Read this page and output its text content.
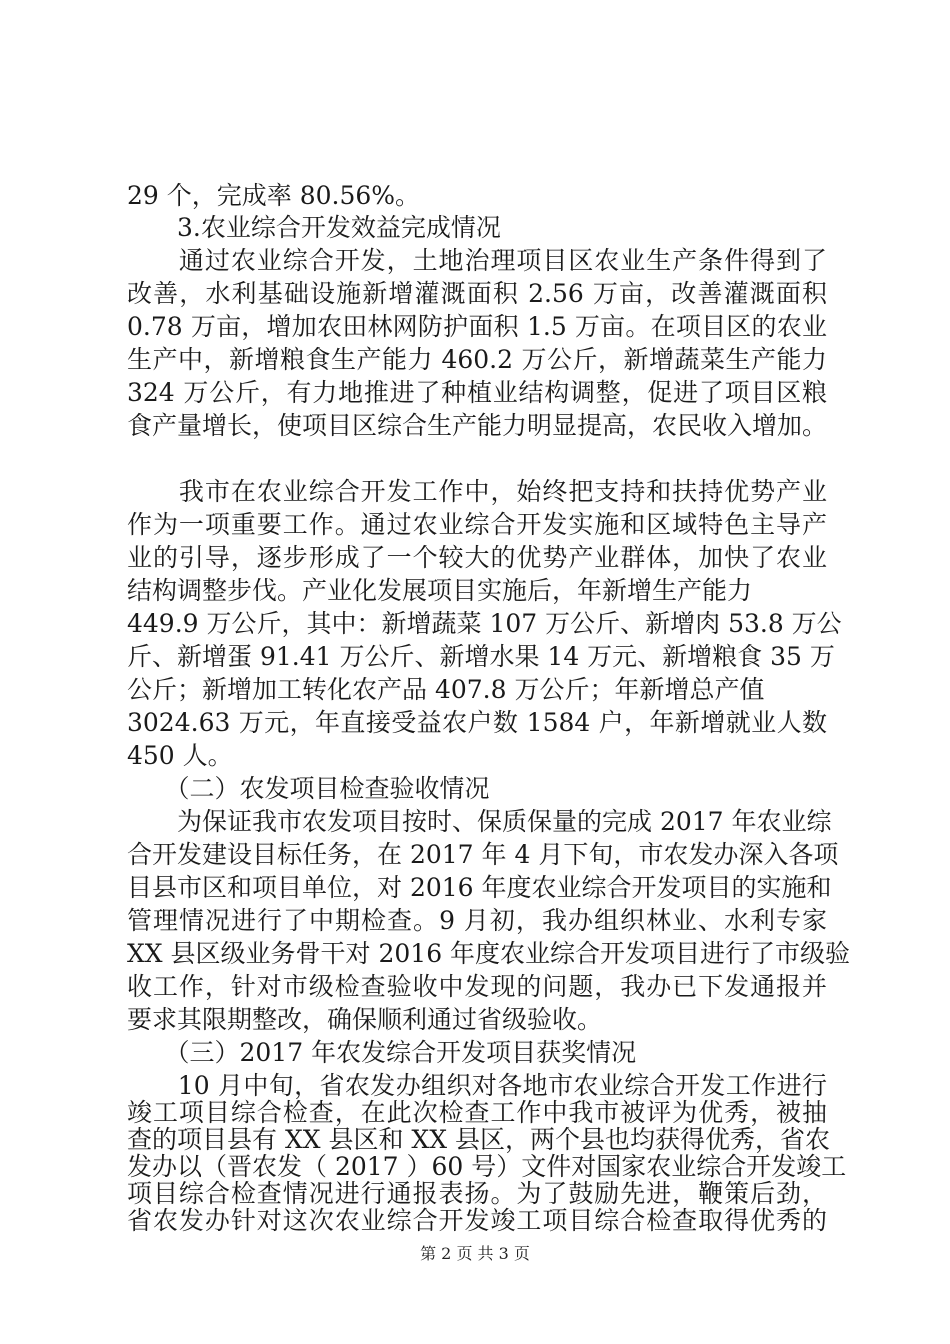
29 个，完成率 80.56%。
　　3.农业综合开发效益完成情况
　　通过农业综合开发，土地治理项目区农业生产条件得到了
改善，水利基础设施新增灌溉面积 2.56 万亩，改善灌溉面积
0.78 万亩，增加农田林网防护面积 1.5 万亩。在项目区的农业
生产中，新增粮食生产能力 460.2 万公斤，新增蔬菜生产能力
324 万公斤，有力地推进了种植业结构调整，促进了项目区粮
食产量增长，使项目区综合生产能力明显提高，农民收入增加。
　　我市在农业综合开发工作中，始终把支持和扶持优势产业
作为一项重要工作。通过农业综合开发实施和区域特色主导产
业的引导，逐步形成了一个较大的优势产业群体，加快了农业
结构调整步伐。产业化发展项目实施后，年新增生产能力
449.9 万公斤，其中：新增蔬菜 107 万公斤、新增肉 53.8 万公
斤、新增蛋 91.41 万公斤、新增水果 14 万元、新增粮食 35 万
公斤；新增加工转化农产品 407.8 万公斤；年新增总产值
3024.63 万元，年直接受益农户数 1584 户，年新增就业人数
450 人。
　　（二）农发项目检查验收情况
　　为保证我市农发项目按时、保质保量的完成 2017 年农业综
合开发建设目标任务，在 2017 年 4 月下旬，市农发办深入各项
目县市区和项目单位，对 2016 年度农业综合开发项目的实施和
管理情况进行了中期检查。9 月初，我办组织林业、水利专家
XX 县区级业务骨干对 2016 年度农业综合开发项目进行了市级验
收工作，针对市级检查验收中发现的问题，我办已下发通报并
要求其限期整改，确保顺利通过省级验收。
　　（三）2017 年农发综合开发项目获奖情况
　　10 月中旬，省农发办组织对各地市农业综合开发工作进行
竣工项目综合检查，在此次检查工作中我市被评为优秀，被抽
查的项目县有 XX 县区和 XX 县区，两个县也均获得优秀，省农
发办以（晋农发（ 2017 ）60 号）文件对国家农业综合开发竣工
项目综合检查情况进行通报表扬。为了鼓励先进，鞭策后劲，
第 2 页 共 3 页
省农发办针对这次农业综合开发竣工项目综合检查取得优秀的
